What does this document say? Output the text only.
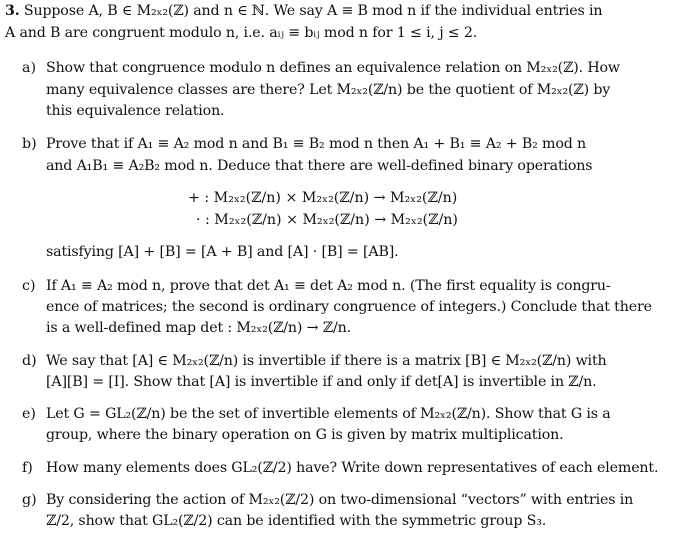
3. Suppose A, B ∈ M₂ₓ₂(ℤ) and n ∈ ℕ. We say A ≡ B mod n if the individual entries in
A and B are congruent modulo n, i.e. aᵢⱼ ≡ bᵢⱼ mod n for 1 ≤ i, j ≤ 2.
a) Show that congruence modulo n defines an equivalence relation on M₂ₓ₂(ℤ). How
many equivalence classes are there? Let M₂ₓ₂(ℤ/n) be the quotient of M₂ₓ₂(ℤ) by
this equivalence relation.
b) Prove that if A₁ ≡ A₂ mod n and B₁ ≡ B₂ mod n then A₁ + B₁ ≡ A₂ + B₂ mod n
and A₁B₁ ≡ A₂B₂ mod n. Deduce that there are well-defined binary operations
+ : M₂ₓ₂(ℤ/n) × M₂ₓ₂(ℤ/n) → M₂ₓ₂(ℤ/n)
· : M₂ₓ₂(ℤ/n) × M₂ₓ₂(ℤ/n) → M₂ₓ₂(ℤ/n)
satisfying [A] + [B] = [A + B] and [A] · [B] = [AB].
c) If A₁ ≡ A₂ mod n, prove that det A₁ ≡ det A₂ mod n. (The first equality is congru-
ence of matrices; the second is ordinary congruence of integers.) Conclude that there
is a well-defined map det : M₂ₓ₂(ℤ/n) → ℤ/n.
d) We say that [A] ∈ M₂ₓ₂(ℤ/n) is invertible if there is a matrix [B] ∈ M₂ₓ₂(ℤ/n) with
[A][B] = [I]. Show that [A] is invertible if and only if det[A] is invertible in ℤ/n.
e) Let G = GL₂(ℤ/n) be the set of invertible elements of M₂ₓ₂(ℤ/n). Show that G is a
group, where the binary operation on G is given by matrix multiplication.
f) How many elements does GL₂(ℤ/2) have? Write down representatives of each element.
g) By considering the action of M₂ₓ₂(ℤ/2) on two-dimensional “vectors” with entries in
ℤ/2, show that GL₂(ℤ/2) can be identified with the symmetric group S₃.
